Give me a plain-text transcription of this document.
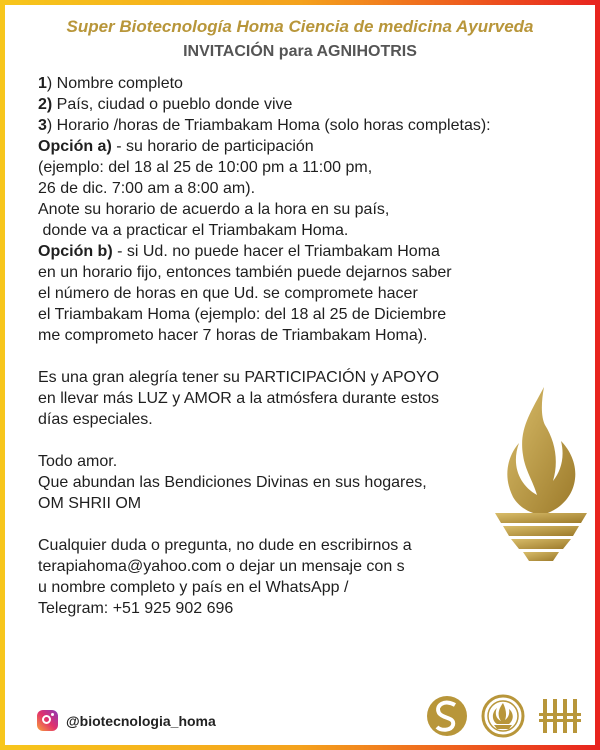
Super Biotecnología Homa Ciencia de medicina Ayurveda
INVITACIÓN para AGNIHOTRIS

1) Nombre completo

2) País, ciudad o pueblo donde vive

3) Horario /horas de Triambakam Homa (solo horas completas):

Opción a) - su horario de participación

(ejemplo: del 18 al 25 de 10:00 pm a 11:00 pm,

26 de dic. 7:00 am a 8:00 am).

Anote su horario de acuerdo a la hora en su país,

donde va a practicar el Triambakam Homa.

Opción b) - si Ud. no puede hacer el Triambakam Homa

en un horario fijo, entonces también puede dejarnos saber

el número de horas en que Ud. se compromete hacer

el Triambakam Homa (ejemplo: del 18 al 25 de Diciembre

me comprometo hacer 7 horas de Triambakam Homa).

Es una gran alegría tener su PARTICIPACIÓN y APOYO

en llevar más LUZ y AMOR a la atmósfera durante estos

días especiales.

Todo amor.

Que abundan las Bendiciones Divinas en sus hogares,

OM SHRII OM

Cualquier duda o pregunta, no dude en escribirnos a

terapiahoma@yahoo.com o dejar un mensaje con s

u nombre completo y país en el WhatsApp /

Telegram: +51 925 902 696

@biotecnologia_homa
